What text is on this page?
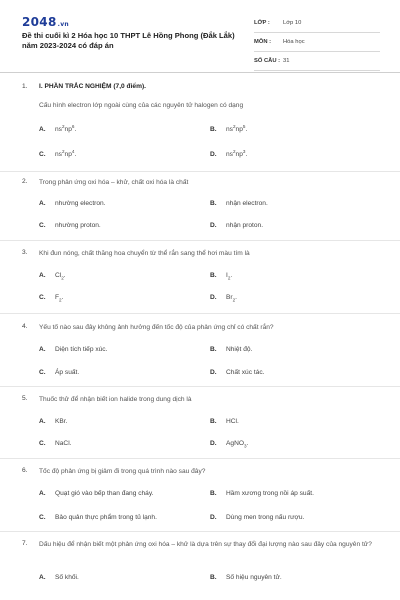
2048.vn
Đề thi cuối kì 2 Hóa học 10 THPT Lê Hồng Phong (Đắk Lắk) năm 2023-2024 có đáp án
LỚP :	Lớp 10
MÔN :	Hóa học
SỐ CÂU : 31
1. I. PHẦN TRẮC NGHIỆM (7,0 điểm).
Cấu hình electron lớp ngoài cùng của các nguyên tử halogen có dạng
A. $ns^2np^6$.	B. $ns^2np^5$.
C. $ns^2np^4$.	D. $ns^2np^3$.
2. Trong phản ứng oxi hóa – khử, chất oxi hóa là chất
A. nhường electron.	B. nhận electron.
C. nhường proton.	D. nhận proton.
3. Khi đun nóng, chất thăng hoa chuyển từ thể rắn sang thể hơi màu tím là
A. $Cl_2$.	B. $I_2$.
C. $F_2$.	D. $Br_2$.
4. Yếu tố nào sau đây không ảnh hưởng đến tốc độ của phản ứng chỉ có chất rắn?
A. Diện tích tiếp xúc.	B. Nhiệt độ.
C. Áp suất.	D. Chất xúc tác.
5. Thuốc thử để nhận biết ion halide trong dung dịch là
A. KBr.	B. HCl.
C. NaCl.	D. AgNO$_3$.
6. Tốc độ phản ứng bị giảm đi trong quá trình nào sau đây?
A. Quạt gió vào bếp than đang cháy.	B. Hầm xương trong nồi áp suất.
C. Bảo quản thực phẩm trong tủ lạnh.	D. Dùng men trong nấu rượu.
7. Dấu hiệu để nhận biết một phản ứng oxi hóa – khử là dựa trên sự thay đổi đại lượng nào sau đây của nguyên tử?
A. Số khối.	B. Số hiệu nguyên tử.
